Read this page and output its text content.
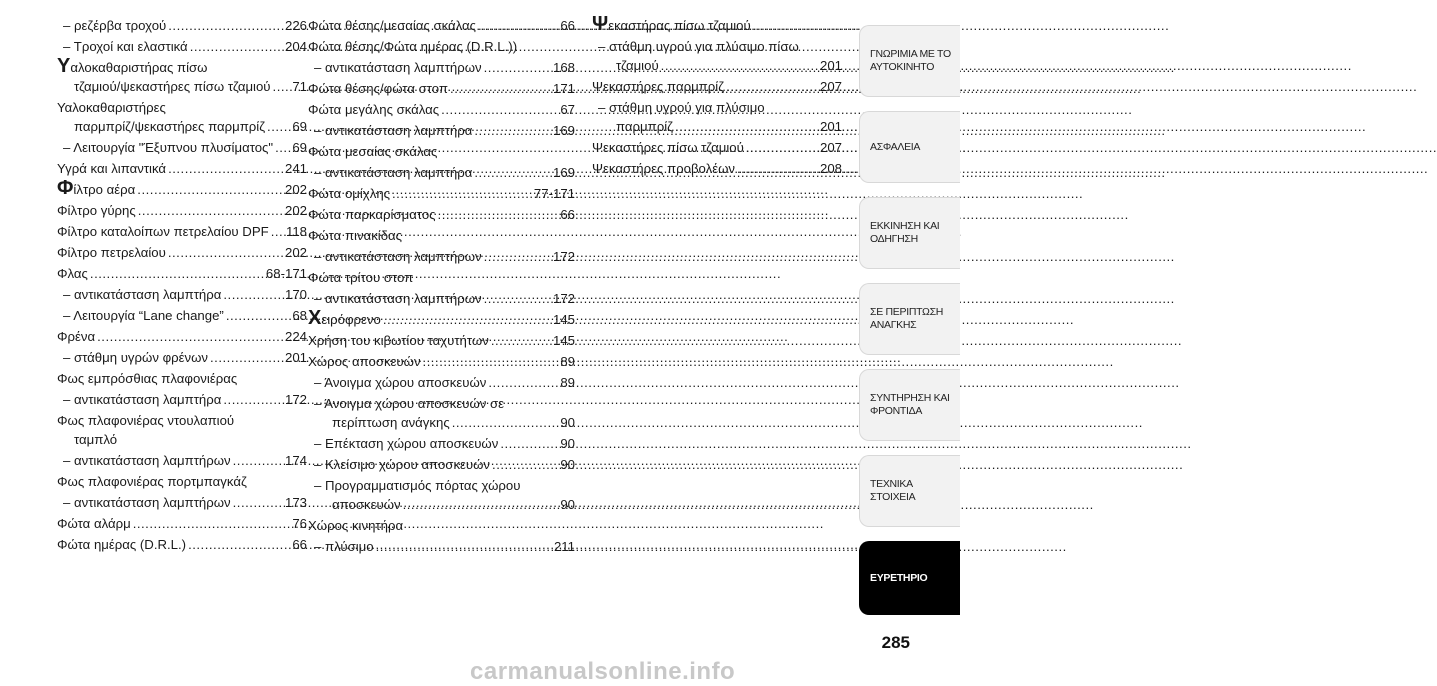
– ρεζέρβα τροχού .....	226
– Τροχοί και ελαστικά .....	204
Υαλοκαθαριστήρας πίσω
τζαμιού/ψεκαστήρες πίσω τζαμιού ..... 71
Υαλοκαθαριστήρες
παρμπρίζ/ψεκαστήρες παρμπρίζ ..... 69
– Λειτουργία "Έξυπνου πλυσίματος" ..... 69
Υγρά και λιπαντικά .....	241
Φίλτρο αέρα .....	202
Φίλτρο γύρης .....	202
Φίλτρο καταλοίπων πετρελαίου DPF ..... 118
Φίλτρο πετρελαίου .....	202
Φλας .....	68-171
– αντικατάσταση λαμπτήρα .....	170
– Λειτουργία “Lane change” .....	68
Φρένα .....	224
– στάθμη υγρών φρένων .....	201
Φως εμπρόσθιας πλαφονιέρας
– αντικατάσταση λαμπτήρα .....	172
Φως πλαφονιέρας ντουλαπιού
ταμπλό
– αντικατάσταση λαμπτήρων .....	174
Φως πλαφονιέρας πορτμπαγκάζ
– αντικατάσταση λαμπτήρων .....	173
Φώτα αλάρμ .....	76
Φώτα ημέρας (D.R.L.) .....	66
Φώτα θέσης/μεσαίας σκάλας .....	66
Φώτα θέσης/Φώτα ημέρας (D.R.L.))
– αντικατάσταση λαμπτήρων .....	168
Φώτα θέσης/φώτα στοπ .....	171
Φώτα μεγάλης σκάλας .....	67
– αντικατάσταση λαμπτήρα .....	169
Φώτα μεσαίας σκάλας
– αντικατάσταση λαμπτήρα .....	169
Φώτα ομίχλης .....	77-171
Φώτα παρκαρίσματος .....	66
Φώτα πινακίδας
– αντικατάσταση λαμπτήρων .....	172
Φώτα τρίτου στοπ
– αντικατάσταση λαμπτήρων .....	172
Χειρόφρενο .....	145
Χρήση του κιβωτίου ταχυτήτων .....	145
Χώρος αποσκευών .....	89
– Άνοιγμα χώρου αποσκευών .....	89
– Άνοιγμα χώρου αποσκευών σε
περίπτωση ανάγκης .....	90
– Επέκταση χώρου αποσκευών .....	90
– Κλείσιμο χώρου αποσκευών .....	90
– Προγραμματισμός πόρτας χώρου
αποσκευών .....	90
Χώρος κινητήρα
– πλύσιμο .....	211
Ψεκαστήρας πίσω τζαμιού
– στάθμη υγρού για πλύσιμο πίσω
τζαμιού .....	201
Ψεκαστήρες παρμπρίζ .....	207
– στάθμη υγρού για πλύσιμο
παρμπρίζ .....	201
Ψεκαστήρες πίσω τζαμιού .....	207
Ψεκαστήρες προβολέων .....	208
ΓΝΩΡΙΜΙΑ ΜΕ ΤΟ ΑΥΤΟΚΙΝΗΤΟ
ΑΣΦΑΛΕΙΑ
ΕΚΚΙΝΗΣΗ ΚΑΙ ΟΔΗΓΗΣΗ
ΣΕ ΠΕΡΙΠΤΩΣΗ ΑΝΑΓΚΗΣ
ΣΥΝΤΗΡΗΣΗ ΚΑΙ ΦΡΟΝΤΙΔΑ
ΤΕΧΝΙΚΑ ΣΤΟΙΧΕΙΑ
ΕΥΡΕΤΗΡΙΟ
285
carmanualsonline.info
